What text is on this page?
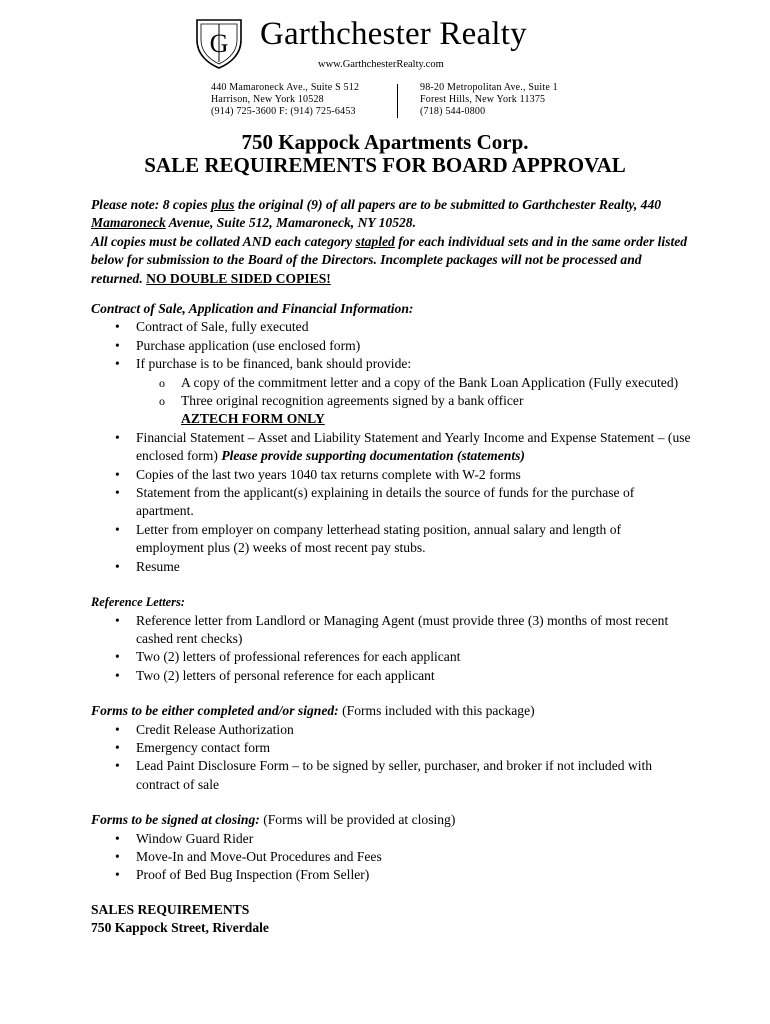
G Garthchester Realty
www.GarthchesterRealty.com
440 Mamaroneck Ave., Suite S 512
Harrison, New York 10528
(914) 725-3600 F: (914) 725-6453
98-20 Metropolitan Ave., Suite 1
Forest Hills, New York 11375
(718) 544-0800
750 Kappock Apartments Corp.
SALE REQUIREMENTS FOR BOARD APPROVAL
Please note: 8 copies plus the original (9) of all papers are to be submitted to Garthchester Realty, 440 Mamaroneck Avenue, Suite 512, Mamaroneck, NY 10528.
All copies must be collated AND each category stapled for each individual sets and in the same order listed below for submission to the Board of the Directors. Incomplete packages will not be processed and returned. NO DOUBLE SIDED COPIES!
Contract of Sale, Application and Financial Information:
• Contract of Sale, fully executed
• Purchase application (use enclosed form)
• If purchase is to be financed, bank should provide:
o A copy of the commitment letter and a copy of the Bank Loan Application (Fully executed)
o Three original recognition agreements signed by a bank officer
AZTECH FORM ONLY
• Financial Statement – Asset and Liability Statement and Yearly Income and Expense Statement – (use enclosed form) Please provide supporting documentation (statements)
• Copies of the last two years 1040 tax returns complete with W-2 forms
• Statement from the applicant(s) explaining in details the source of funds for the purchase of apartment.
• Letter from employer on company letterhead stating position, annual salary and length of employment plus (2) weeks of most recent pay stubs.
• Resume
Reference Letters:
• Reference letter from Landlord or Managing Agent (must provide three (3) months of most recent cashed rent checks)
• Two (2) letters of professional references for each applicant
• Two (2) letters of personal reference for each applicant
Forms to be either completed and/or signed: (Forms included with this package)
• Credit Release Authorization
• Emergency contact form
• Lead Paint Disclosure Form – to be signed by seller, purchaser, and broker if not included with contract of sale
Forms to be signed at closing: (Forms will be provided at closing)
• Window Guard Rider
• Move-In and Move-Out Procedures and Fees
• Proof of Bed Bug Inspection (From Seller)
SALES REQUIREMENTS
750 Kappock Street, Riverdale
